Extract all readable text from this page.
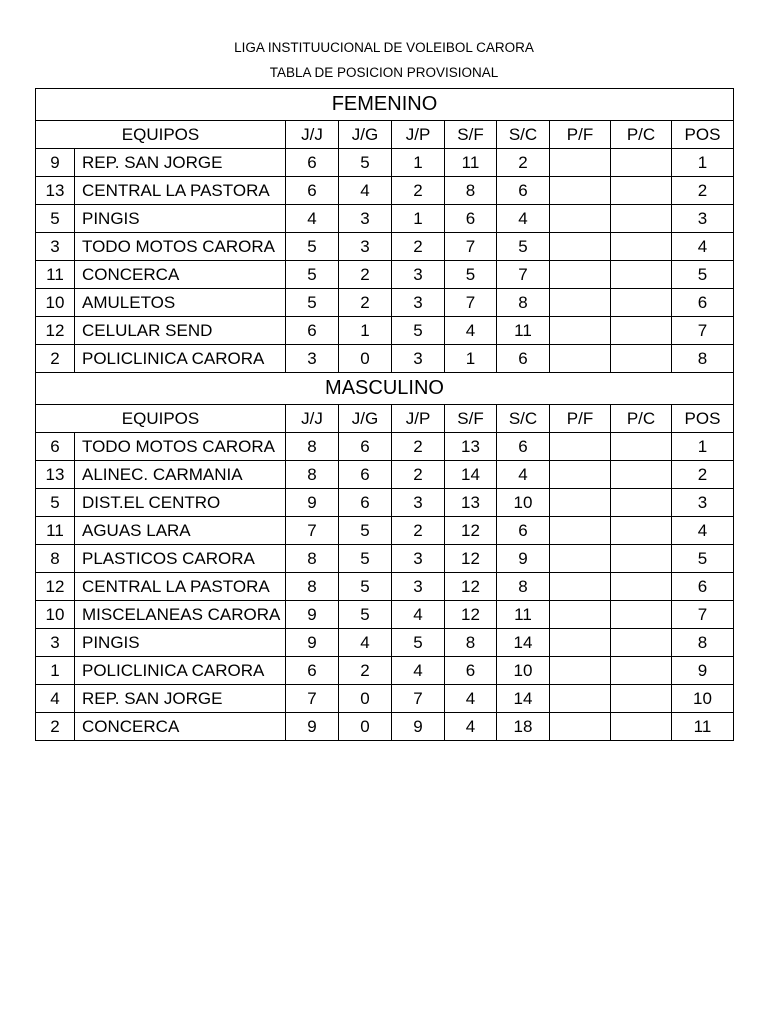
LIGA INSTITUUCIONAL DE VOLEIBOL CARORA
TABLA DE POSICION PROVISIONAL
FEMENINO									
EQUIPOS		J/J	J/G	J/P	S/F	S/C	P/F	P/C	POS
9	REP. SAN JORGE	6	5	1	11	2			1
13	CENTRAL LA PASTORA	6	4	2	8	6			2
5	PINGIS	4	3	1	6	4			3
3	TODO MOTOS CARORA	5	3	2	7	5			4
11	CONCERCA	5	2	3	5	7			5
10	AMULETOS	5	2	3	7	8			6
12	CELULAR SEND	6	1	5	4	11			7
2	POLICLINICA CARORA	3	0	3	1	6			8
MASCULINO									
EQUIPOS		J/J	J/G	J/P	S/F	S/C	P/F	P/C	POS
6	TODO MOTOS CARORA	8	6	2	13	6			1
13	ALINEC. CARMANIA	8	6	2	14	4			2
5	DIST.EL CENTRO	9	6	3	13	10			3
11	AGUAS LARA	7	5	2	12	6			4
8	PLASTICOS CARORA	8	5	3	12	9			5
12	CENTRAL LA PASTORA	8	5	3	12	8			6
10	MISCELANEAS CARORA	9	5	4	12	11			7
3	PINGIS	9	4	5	8	14			8
1	POLICLINICA CARORA	6	2	4	6	10			9
4	REP. SAN JORGE	7	0	7	4	14			10
2	CONCERCA	9	0	9	4	18			11
